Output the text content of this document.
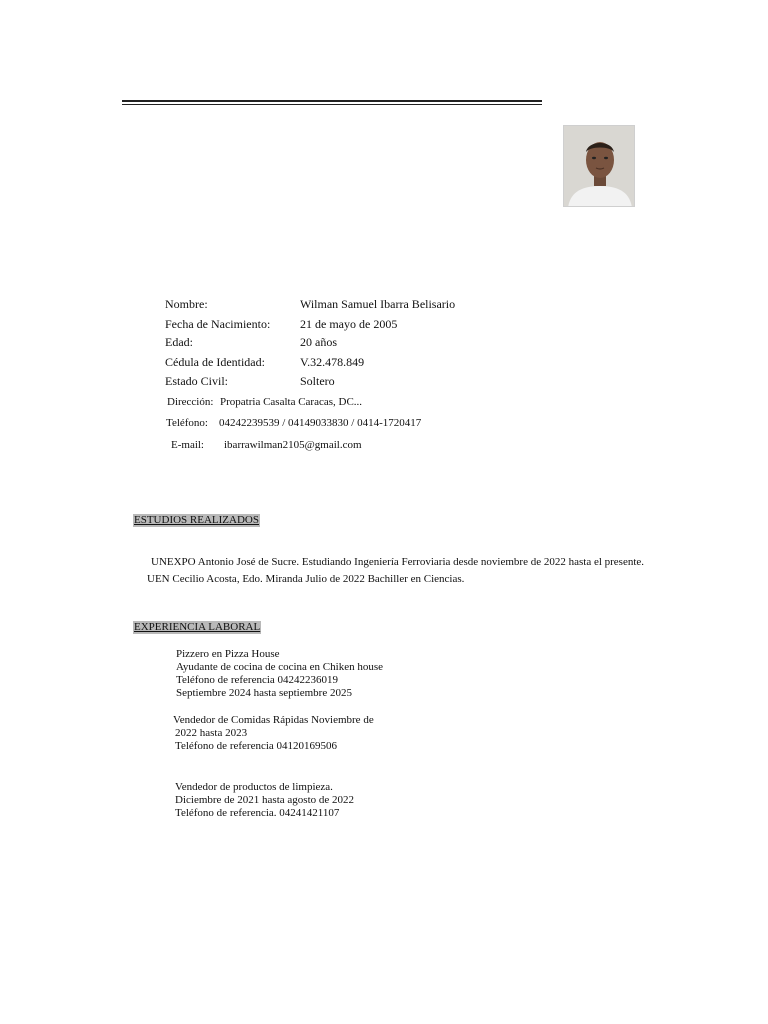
Nombre:	Wilman Samuel Ibarra Belisario
Fecha de Nacimiento: 21 de mayo de 2005
Edad:	20 años
Cédula de Identidad:	V.32.478.849
Estado Civil:	Soltero
Dirección: Propatria Casalta Caracas, DC...
Teléfono: 04242239539 / 04149033830 / 0414-1720417
E-mail: ibarrawilman2105@gmail.com
ESTUDIOS REALIZADOS
UNEXPO Antonio José de Sucre. Estudiando Ingeniería Ferroviaria desde noviembre de 2022 hasta el presente.
UEN Cecilio Acosta, Edo. Miranda Julio de 2022 Bachiller en Ciencias.
EXPERIENCIA LABORAL
Pizzero en Pizza House
Ayudante de cocina de cocina en Chiken house
Teléfono de referencia 04242236019
Septiembre 2024 hasta septiembre 2025
Vendedor de Comidas Rápidas Noviembre de
2022 hasta 2023
Teléfono de referencia 04120169506
Vendedor de productos de limpieza.
Diciembre de 2021 hasta agosto de 2022
Teléfono de referencia. 04241421107
